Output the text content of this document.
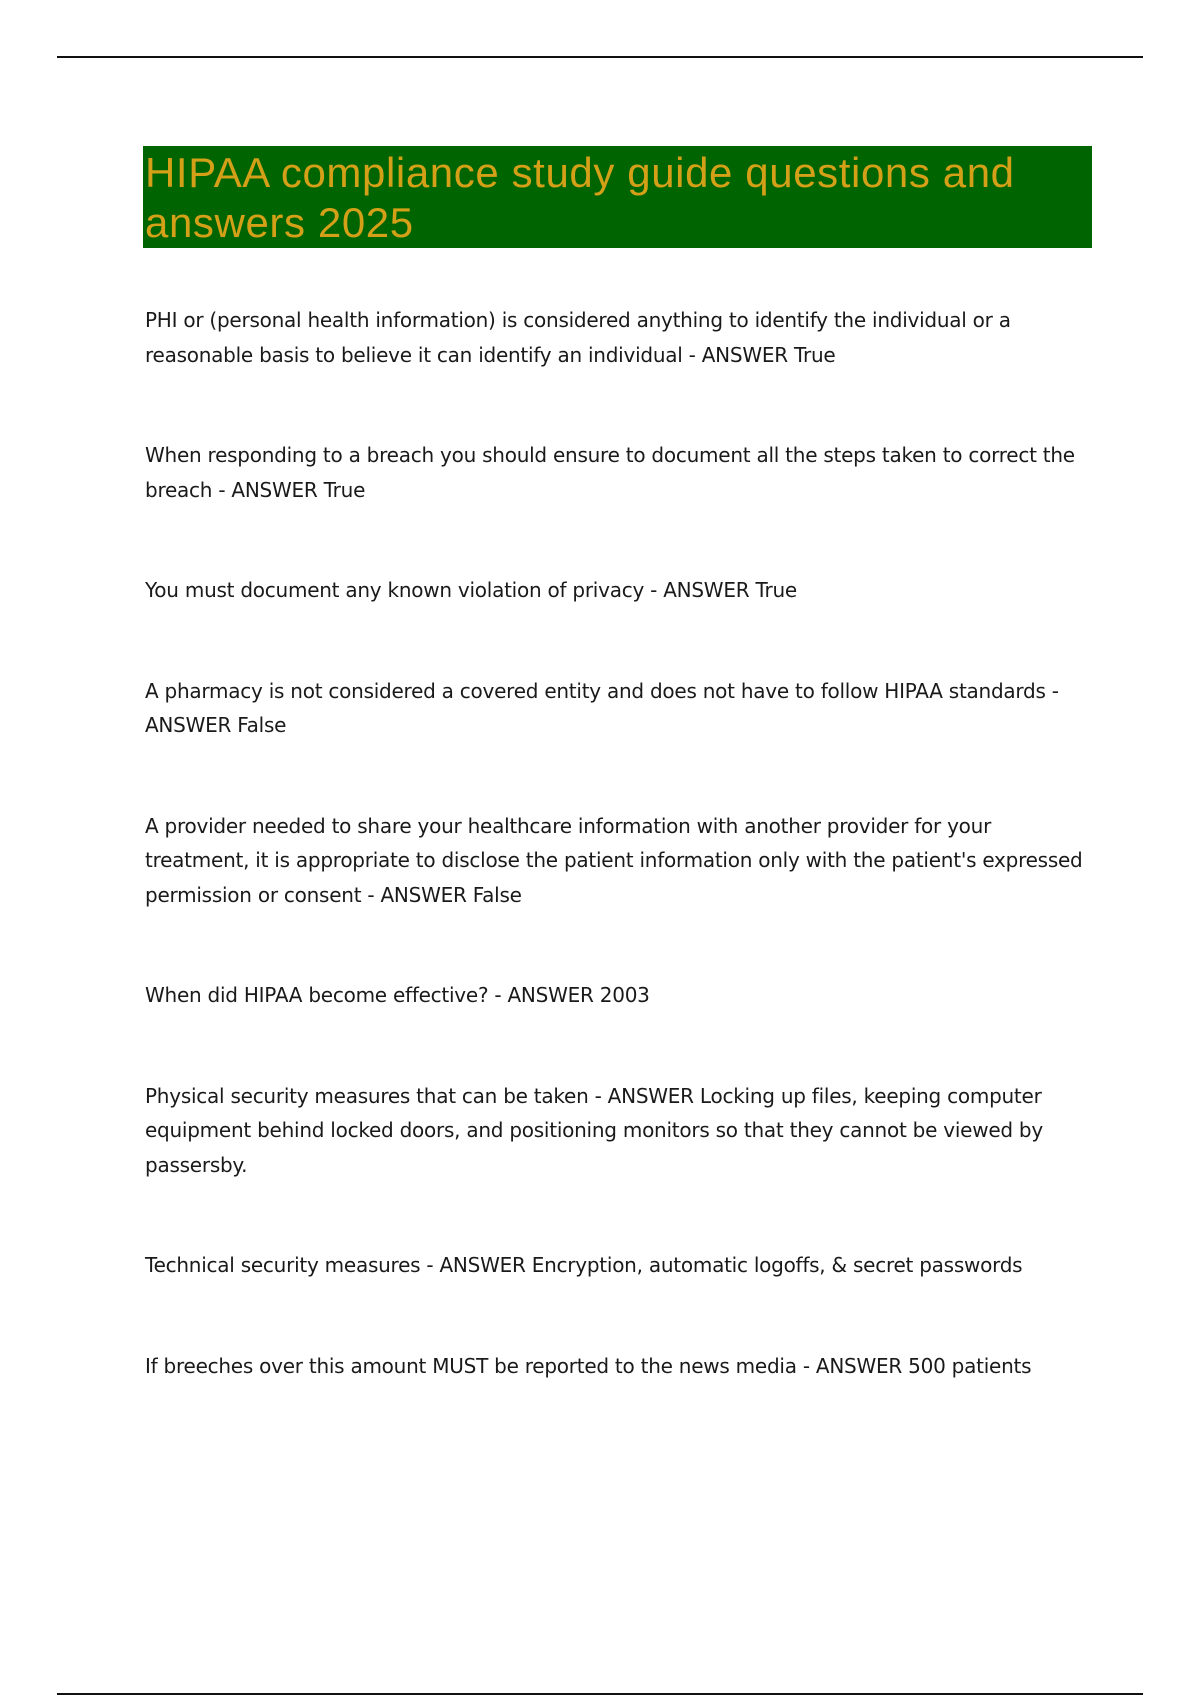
HIPAA compliance study guide questions and answers 2025
PHI or (personal health information) is considered anything to identify the individual or a reasonable basis to believe it can identify an individual - ANSWER True
When responding to a breach you should ensure to document all the steps taken to correct the breach - ANSWER True
You must document any known violation of privacy - ANSWER True
A pharmacy is not considered a covered entity and does not have to follow HIPAA standards - ANSWER False
A provider needed to share your healthcare information with another provider for your treatment, it is appropriate to disclose the patient information only with the patient's expressed permission or consent - ANSWER False
When did HIPAA become effective? - ANSWER 2003
Physical security measures that can be taken - ANSWER Locking up files, keeping computer equipment behind locked doors, and positioning monitors so that they cannot be viewed by passersby.
Technical security measures - ANSWER Encryption, automatic logoffs, & secret passwords
If breeches over this amount MUST be reported to the news media - ANSWER 500 patients
